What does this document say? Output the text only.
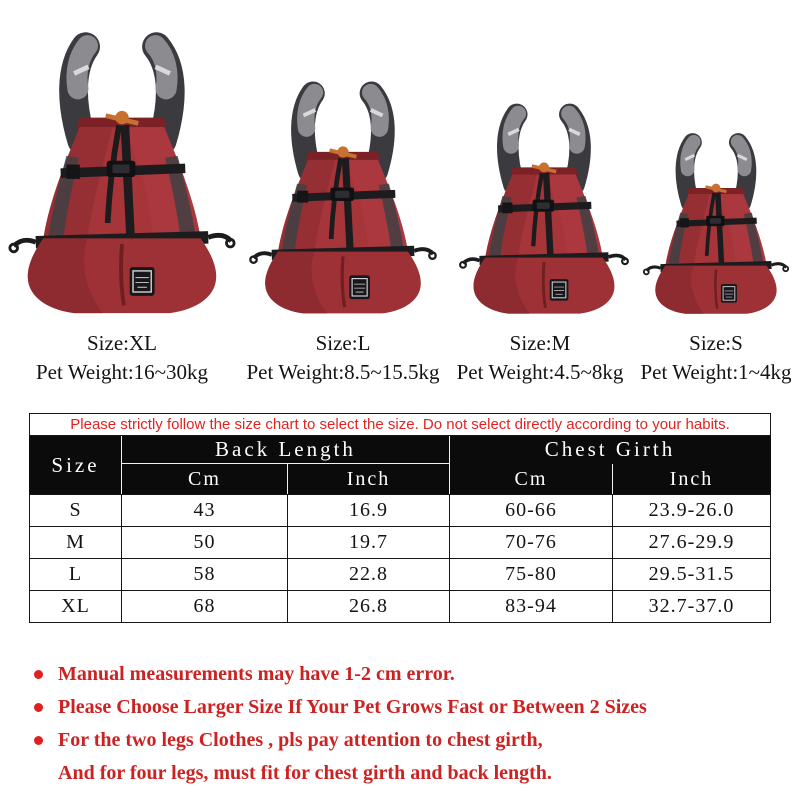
Size:XL
Pet Weight:16~30kg
Size:L
Pet Weight:8.5~15.5kg
Size:M
Pet Weight:4.5~8kg
Size:S
Pet Weight:1~4kg
Please strictly follow the size chart to select the size. Do not select directly according to your habits.				
Size	Back Length		Chest Girth	
	Cm	Inch	Cm	Inch
S	43	16.9	60-66	23.9-26.0
M	50	19.7	70-76	27.6-29.9
L	58	22.8	75-80	29.5-31.5
XL	68	26.8	83-94	32.7-37.0
Manual measurements may have 1-2 cm error.
Please Choose Larger Size If Your Pet Grows Fast or Between 2 Sizes
For the two legs Clothes , pls pay attention to chest girth,
And for four legs, must fit for chest girth and back length.
